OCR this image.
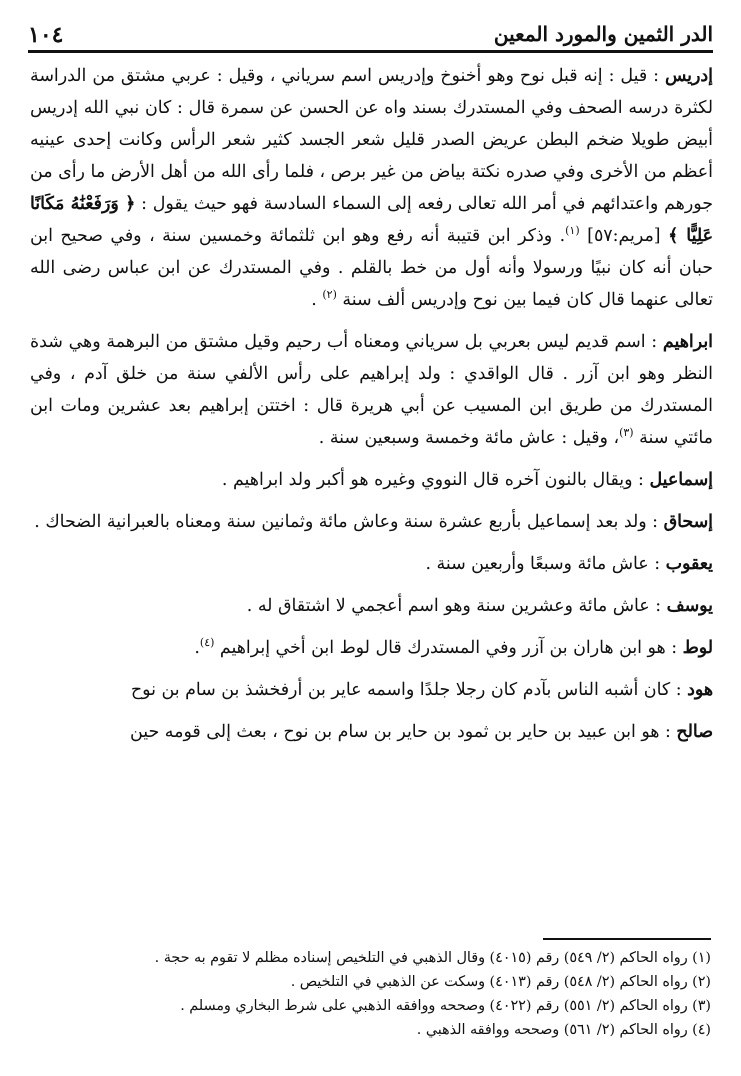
الدر الثمين والمورد المعين
١٠٤

إدريس : قيل : إنه قبل نوح وهو أخنوخ وإدريس اسم سرياني ، وقيل : عربي مشتق من الدراسة لكثرة درسه الصحف وفي المستدرك بسند واه عن الحسن عن سمرة قال : كان نبي الله إدريس أبيض طويلا ضخم البطن عريض الصدر قليل شعر الجسد كثير شعر الرأس وكانت إحدى عينيه أعظم من الأخرى وفي صدره نكتة بياض من غير برص ، فلما رأى الله من أهل الأرض ما رأى من جورهم واعتدائهم في أمر الله تعالى رفعه إلى السماء السادسة فهو حيث يقول : ﴿ وَرَفَعْنَٰهُ مَكَانًا عَلِيًّا ﴾ [مريم:٥٧] $^{(١)}$. وذكر ابن قتيبة أنه رفع وهو ابن ثلثمائة وخمسين سنة ، وفي صحيح ابن حبان أنه كان نبيًا ورسولا وأنه أول من خط بالقلم . وفي المستدرك عن ابن عباس رضى الله تعالى عنهما قال كان فيما بين نوح وإدريس ألف سنة $^{(٢)}$ .

ابراهيم : اسم قديم ليس بعربي بل سرياني ومعناه أب رحيم وقيل مشتق من البرهمة وهي شدة النظر وهو ابن آزر . قال الواقدي : ولد إبراهيم على رأس الألفي سنة من خلق آدم ، وفي المستدرك من طريق ابن المسيب عن أبي هريرة قال : اختتن إبراهيم بعد عشرين ومات ابن مائتي سنة $^{(٣)}$، وقيل : عاش مائة وخمسة وسبعين سنة .

إسماعيل : ويقال بالنون آخره قال النووي وغيره هو أكبر ولد ابراهيم .

إسحاق : ولد بعد إسماعيل بأربع عشرة سنة وعاش مائة وثمانين سنة ومعناه بالعبرانية الضحاك .

يعقوب : عاش مائة وسبعًا وأربعين سنة .

يوسف : عاش مائة وعشرين سنة وهو اسم أعجمي لا اشتقاق له .

لوط : هو ابن هاران بن آزر وفي المستدرك قال لوط ابن أخي إبراهيم $^{(٤)}$.

هود : كان أشبه الناس بآدم كان رجلا جلدًا واسمه عاير بن أرفخشذ بن سام بن نوح

صالح : هو ابن عبيد بن حاير بن ثمود بن حاير بن سام بن نوح ، بعث إلى قومه حين

(١) رواه الحاكم (٢/ ٥٤٩) رقم (٤٠١٥) وقال الذهبي في التلخيص إسناده مظلم لا تقوم به حجة .
(٢) رواه الحاكم (٢/ ٥٤٨) رقم (٤٠١٣) وسكت عن الذهبي في التلخيص .
(٣) رواه الحاكم (٢/ ٥٥١) رقم (٤٠٢٢) وصححه ووافقه الذهبي على شرط البخاري ومسلم .
(٤) رواه الحاكم (٢/ ٥٦١) وصححه ووافقه الذهبي .
